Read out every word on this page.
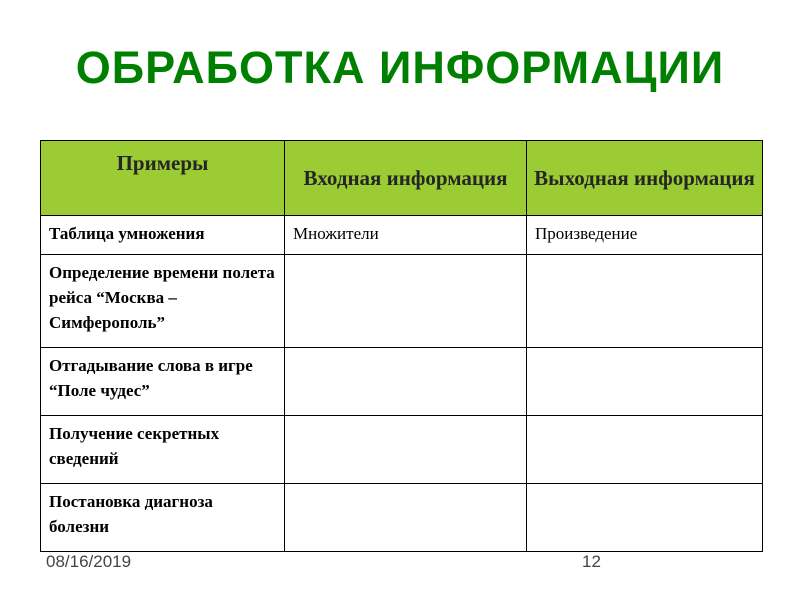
ОБРАБОТКА ИНФОРМАЦИИ
Примеры	Входная информация	Выходная информация
Таблица умножения	Множители	Произведение
Определение времени полета рейса “Москва – Симферополь”		
Отгадывание слова в игре “Поле чудес”		
Получение секретных сведений		
Постановка диагноза болезни		
08/16/2019	12
